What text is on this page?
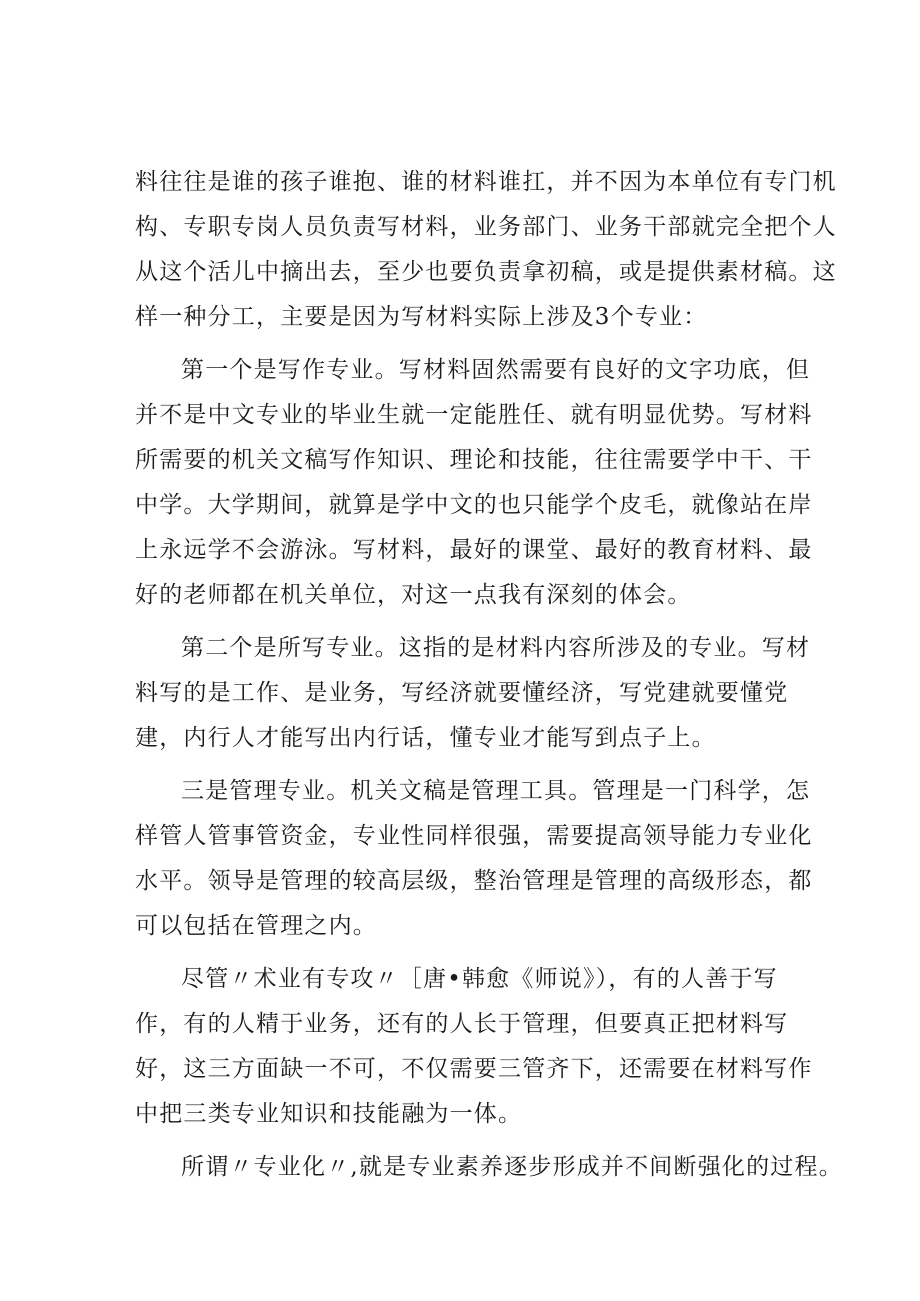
料往往是谁的孩子谁抱、谁的材料谁扛，并不因为本单位有专门机
构、专职专岗人员负责写材料，业务部门、业务干部就完全把个人
从这个活儿中摘出去，至少也要负责拿初稿，或是提供素材稿。这
样一种分工，主要是因为写材料实际上涉及3个专业：
第一个是写作专业。写材料固然需要有良好的文字功底，但
并不是中文专业的毕业生就一定能胜任、就有明显优势。写材料
所需要的机关文稿写作知识、理论和技能，往往需要学中干、干
中学。大学期间，就算是学中文的也只能学个皮毛，就像站在岸
上永远学不会游泳。写材料，最好的课堂、最好的教育材料、最
好的老师都在机关单位，对这一点我有深刻的体会。
第二个是所写专业。这指的是材料内容所涉及的专业。写材
料写的是工作、是业务，写经济就要懂经济，写党建就要懂党
建，内行人才能写出内行话，懂专业才能写到点子上。
三是管理专业。机关文稿是管理工具。管理是一门科学，怎
样管人管事管资金，专业性同样很强，需要提高领导能力专业化
水平。领导是管理的较高层级，整治管理是管理的高级形态，都
可以包括在管理之内。
尽管〃术业有专攻〃［唐•韩愈《师说》），有的人善于写
作，有的人精于业务，还有的人长于管理，但要真正把材料写
好，这三方面缺一不可，不仅需要三管齐下，还需要在材料写作
中把三类专业知识和技能融为一体。
所谓〃专业化〃,就是专业素养逐步形成并不间断强化的过程。
